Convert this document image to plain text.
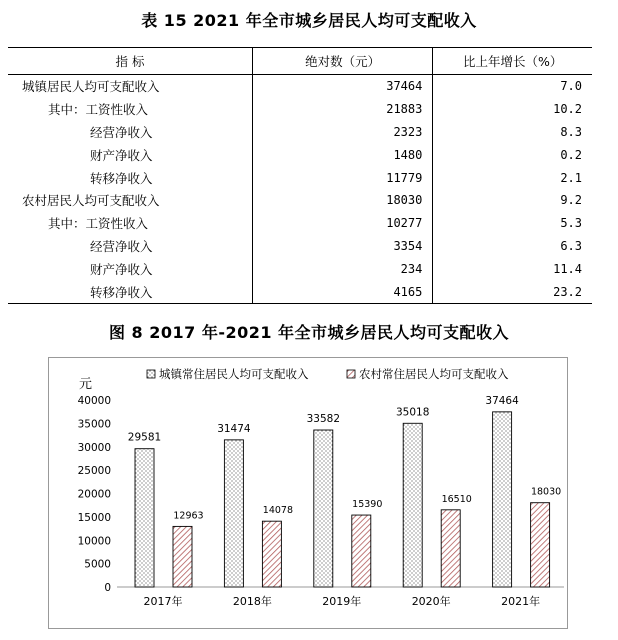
表 15 2021 年全市城乡居民人均可支配收入
指 标	绝对数（元）	比上年增长（%）
城镇居民人均可支配收入	37464	7.0
其中：工资性收入	21883	10.2
经营净收入	2323	8.3
财产净收入	1480	0.2
转移净收入	11779	2.1
农村居民人均可支配收入	18030	9.2
其中：工资性收入	10277	5.3
经营净收入	3354	6.3
财产净收入	234	11.4
转移净收入	4165	23.2
图 8 2017 年-2021 年全市城乡居民人均可支配收入
元
0
5000
10000
15000
20000
25000
30000
35000
40000
城镇常住居民人均可支配收入	农村常住居民人均可支配收入
29581
12963
2017年
31474
14078
2018年
33582
15390
2019年
35018
16510
2020年
37464
18030
2021年
